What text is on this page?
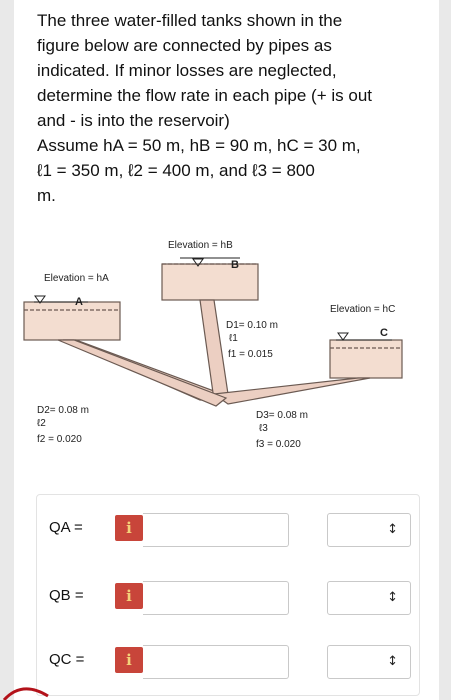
The three water-filled tanks shown in the
figure below are connected by pipes as
indicated. If minor losses are neglected,
determine the flow rate in each pipe (+ is out
and - is into the reservoir)
Assume hA = 50 m, hB = 90 m, hC = 30 m,
ℓ1 = 350 m, ℓ2 = 400 m, and ℓ3 = 800
m.
B
Elevation = hB
A
Elevation = hA
C
Elevation = hC
D1= 0.10 m
ℓ1
f1 = 0.015
D2= 0.08 m
ℓ2
f2 = 0.020
D3= 0.08 m
ℓ3
f3 = 0.020
QA =	i	↕
QB =	i	↕
QC =	i	↕
